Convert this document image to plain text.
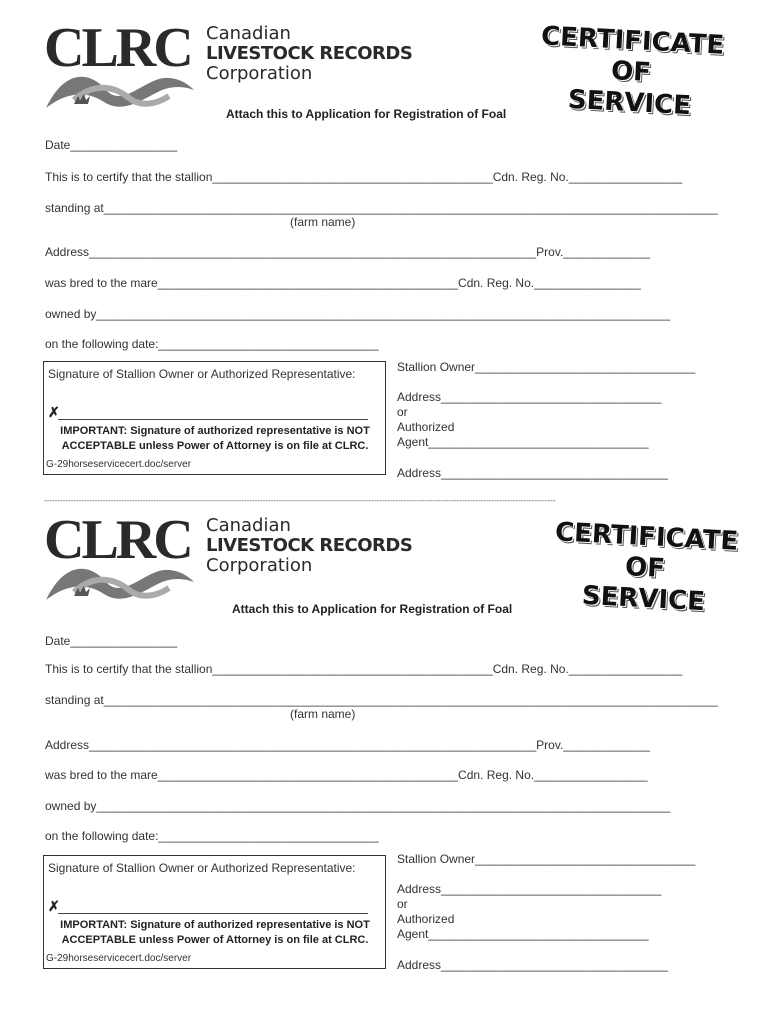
CLRC Canadian
LIVESTOCK RECORDS
Corporation
CERTIFICATE
OF
SERVICE
Attach this to Application for Registration of Foal
Date________________
This is to certify that the stallion__________________________________________Cdn. Reg. No._________________
standing at____________________________________________________________________________________________
(farm name)
Address___________________________________________________________________Prov._____________
was bred to the mare_____________________________________________Cdn. Reg. No.________________
owned by______________________________________________________________________________________
on the following date:_________________________________
Signature of Stallion Owner or Authorized Representative:
✗
IMPORTANT: Signature of authorized representative is NOT
ACCEPTABLE unless Power of Attorney is on file at CLRC.
G-29horseservicecert.doc/server
Stallion Owner_________________________________
Address_________________________________
or
Authorized
Agent_________________________________
Address__________________________________
------------------------------------------------------------------------------------------------------------------------------------------------------------------------------------------------
CLRC Canadian
LIVESTOCK RECORDS
Corporation
CERTIFICATE
OF
SERVICE
Attach this to Application for Registration of Foal
Date________________
This is to certify that the stallion__________________________________________Cdn. Reg. No._________________
standing at____________________________________________________________________________________________
(farm name)
Address___________________________________________________________________Prov._____________
was bred to the mare_____________________________________________Cdn. Reg. No._________________
owned by______________________________________________________________________________________
on the following date:_________________________________
Signature of Stallion Owner or Authorized Representative:
✗
IMPORTANT: Signature of authorized representative is NOT
ACCEPTABLE unless Power of Attorney is on file at CLRC.
G-29horseservicecert.doc/server
Stallion Owner_________________________________
Address_________________________________
or
Authorized
Agent_________________________________
Address__________________________________
